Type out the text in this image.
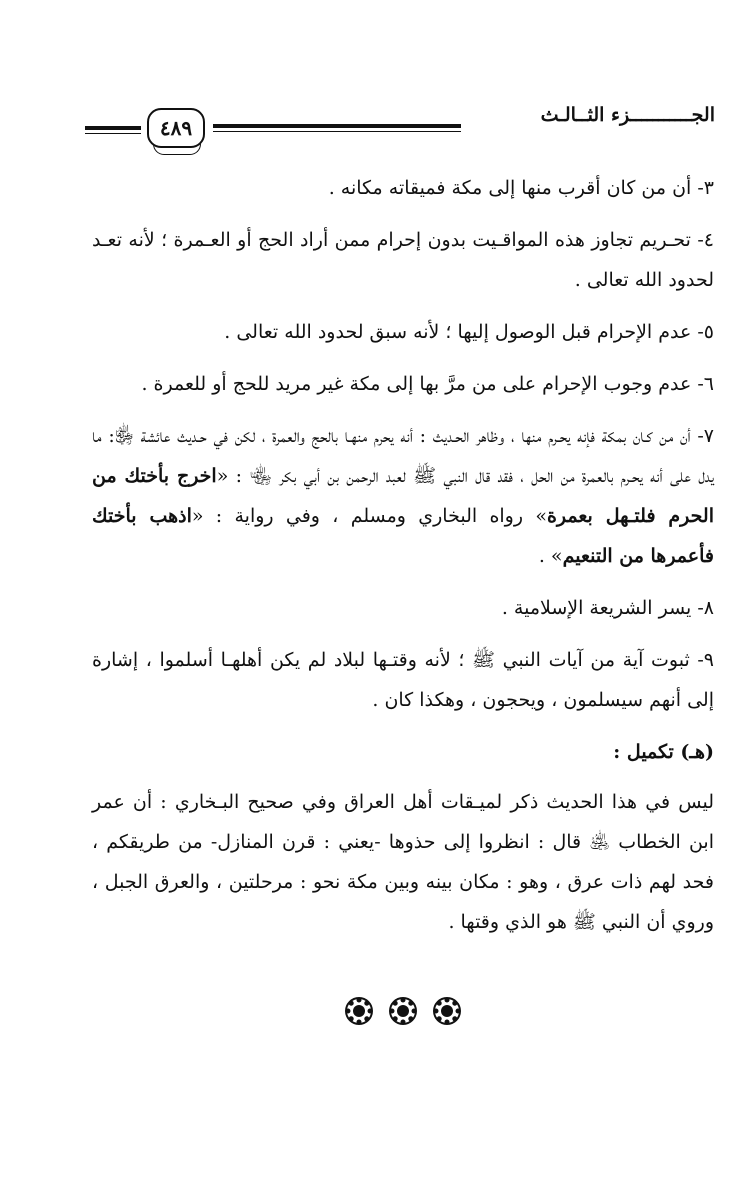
الجـــــــــــزء الثــالـث
٤٨٩

٣- أن من كان أقرب منها إلى مكة فميقاته مكانه .

٤- تحـريم تجاوز هذه المواقـيت بدون إحرام ممن أراد الحج أو العـمرة ؛ لأنه تعـد لحدود الله تعالى .

٥- عدم الإحرام قبل الوصول إليها ؛ لأنه سبق لحدود الله تعالى .

٦- عدم وجوب الإحرام على من مرَّ بها إلى مكة غير مريد للحج أو للعمرة .

٧- أن من كـان بمكة فإنه يحـرم منها ، وظاهر الحـديث : أنه يحرم منهـا بالحج والعمرة ، لكن في حـديث عائشة ﵂: ما يدل على أنه يحـرم بالعمرة من الحل ، فقد قال النبي ﷺ لعبد الرحمن بن أبي بكر ﵄ : «اخرج بأختك من الحرم فلتـهل بعمرة» رواه البخاري ومسلم ، وفي رواية : «اذهب بأختك فأعمرها من التنعيم» .

٨- يسر الشريعة الإسلامية .

٩- ثبوت آية من آيات النبي ﷺ ؛ لأنه وقتـها لبلاد لم يكن أهلهـا أسلموا ، إشارة إلى أنهم سيسلمون ، ويحجون ، وهكذا كان .

(هـ) تكميل :

ليس في هذا الحديث ذكر لميـقات أهل العراق وفي صحيح البـخاري : أن عمر ابن الخطاب ﵁ قال : انظروا إلى حذوها -يعني : قرن المنازل- من طريقكم ، فحد لهم ذات عرق ، وهو : مكان بينه وبين مكة نحو : مرحلتين ، والعرق الجبل ، وروي أن النبي ﷺ هو الذي وقتها .
